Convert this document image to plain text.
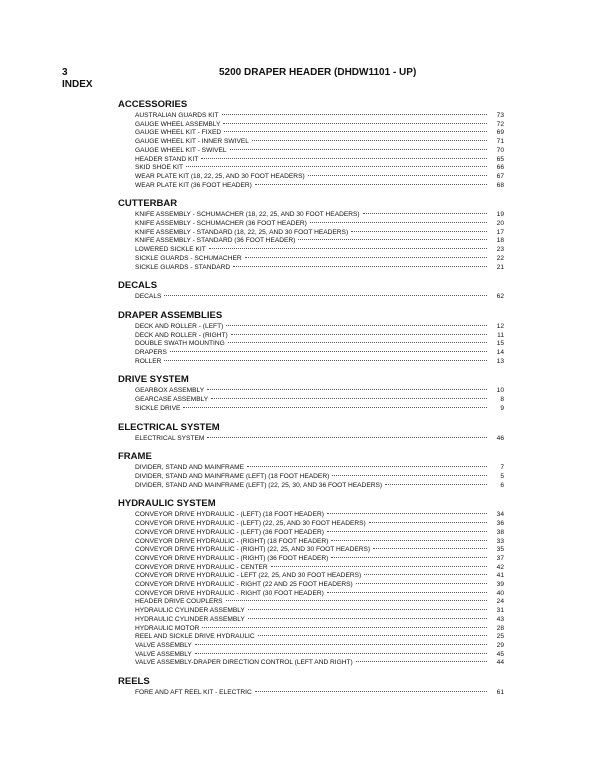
3
INDEX
5200 DRAPER HEADER (DHDW1101 - UP)
ACCESSORIES
AUSTRALIAN GUARDS KIT	73
GAUGE WHEEL ASSEMBLY	72
GAUGE WHEEL KIT - FIXED	69
GAUGE WHEEL KIT - INNER SWIVEL	71
GAUGE WHEEL KIT - SWIVEL	70
HEADER STAND KIT	65
SKID SHOE KIT	66
WEAR PLATE KIT (18, 22, 25, AND 30 FOOT HEADERS)	67
WEAR PLATE KIT (36 FOOT HEADER)	68
CUTTERBAR
KNIFE ASSEMBLY - SCHUMACHER (18, 22, 25, AND 30 FOOT HEADERS)	19
KNIFE ASSEMBLY - SCHUMACHER (36 FOOT HEADER)	20
KNIFE ASSEMBLY - STANDARD (18, 22, 25, AND 30 FOOT HEADERS)	17
KNIFE ASSEMBLY - STANDARD (36 FOOT HEADER)	18
LOWERED SICKLE KIT	23
SICKLE GUARDS - SCHUMACHER	22
SICKLE GUARDS - STANDARD	21
DECALS
DECALS	62
DRAPER ASSEMBLIES
DECK AND ROLLER - (LEFT)	12
DECK AND ROLLER - (RIGHT)	11
DOUBLE SWATH MOUNTING	15
DRAPERS	14
ROLLER	13
DRIVE SYSTEM
GEARBOX ASSEMBLY	10
GEARCASE ASSEMBLY	8
SICKLE DRIVE	9
ELECTRICAL SYSTEM
ELECTRICAL SYSTEM	46
FRAME
DIVIDER, STAND AND MAINFRAME	7
DIVIDER, STAND AND MAINFRAME (LEFT) (18 FOOT HEADER)	5
DIVIDER, STAND AND MAINFRAME (LEFT) (22, 25, 30, AND 36 FOOT HEADERS)	6
HYDRAULIC SYSTEM
CONVEYOR DRIVE HYDRAULIC - (LEFT) (18 FOOT HEADER)	34
CONVEYOR DRIVE HYDRAULIC - (LEFT) (22, 25, AND 30 FOOT HEADERS)	36
CONVEYOR DRIVE HYDRAULIC - (LEFT) (36 FOOT HEADER)	38
CONVEYOR DRIVE HYDRAULIC - (RIGHT) (18 FOOT HEADER)	33
CONVEYOR DRIVE HYDRAULIC - (RIGHT) (22, 25, AND 30 FOOT HEADERS)	35
CONVEYOR DRIVE HYDRAULIC - (RIGHT) (36 FOOT HEADER)	37
CONVEYOR DRIVE HYDRAULIC - CENTER	42
CONVEYOR DRIVE HYDRAULIC - LEFT (22, 25, AND 30 FOOT HEADERS)	41
CONVEYOR DRIVE HYDRAULIC - RIGHT (22 AND 25 FOOT HEADERS)	39
CONVEYOR DRIVE HYDRAULIC - RIGHT (30 FOOT HEADER)	40
HEADER DRIVE COUPLERS	24
HYDRAULIC CYLINDER ASSEMBLY	31
HYDRAULIC CYLINDER ASSEMBLY	43
HYDRAULIC MOTOR	28
REEL AND SICKLE DRIVE HYDRAULIC	25
VALVE ASSEMBLY	29
VALVE ASSEMBLY	45
VALVE ASSEMBLY-DRAPER DIRECTION CONTROL (LEFT AND RIGHT)	44
REELS
FORE AND AFT REEL KIT - ELECTRIC	61
